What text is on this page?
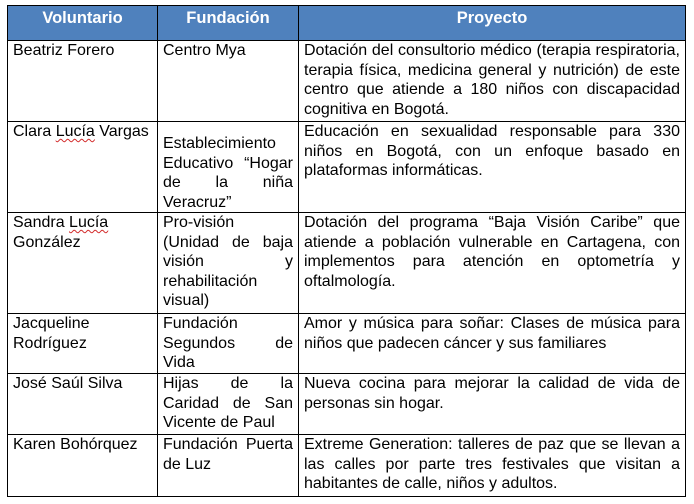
Voluntario	Fundación	Proyecto
Beatriz Forero	Centro Mya	Dotación del consultorio médico (terapia respiratoria, terapia física, medicina general y nutrición) de este centro que atiende a 180 niños con discapacidad cognitiva en Bogotá.
Clara Lucía Vargas	Establecimiento Educativo “Hogar de la niña Veracruz”	Educación en sexualidad responsable para 330 niños en Bogotá, con un enfoque basado en plataformas informáticas.
Sandra Lucía González	Pro-visión (Unidad de baja visión y rehabilitación visual)	Dotación del programa “Baja Visión Caribe” que atiende a población vulnerable en Cartagena, con implementos para atención en optometría y oftalmología.
Jacqueline Rodríguez	Fundación Segundos de Vida	Amor y música para soñar: Clases de música para niños que padecen cáncer y sus familiares
José Saúl Silva	Hijas de la Caridad de San Vicente de Paul	Nueva cocina para mejorar la calidad de vida de personas sin hogar.
Karen Bohórquez	Fundación Puerta de Luz	Extreme Generation: talleres de paz que se llevan a las calles por parte tres festivales que visitan a habitantes de calle, niños y adultos.
